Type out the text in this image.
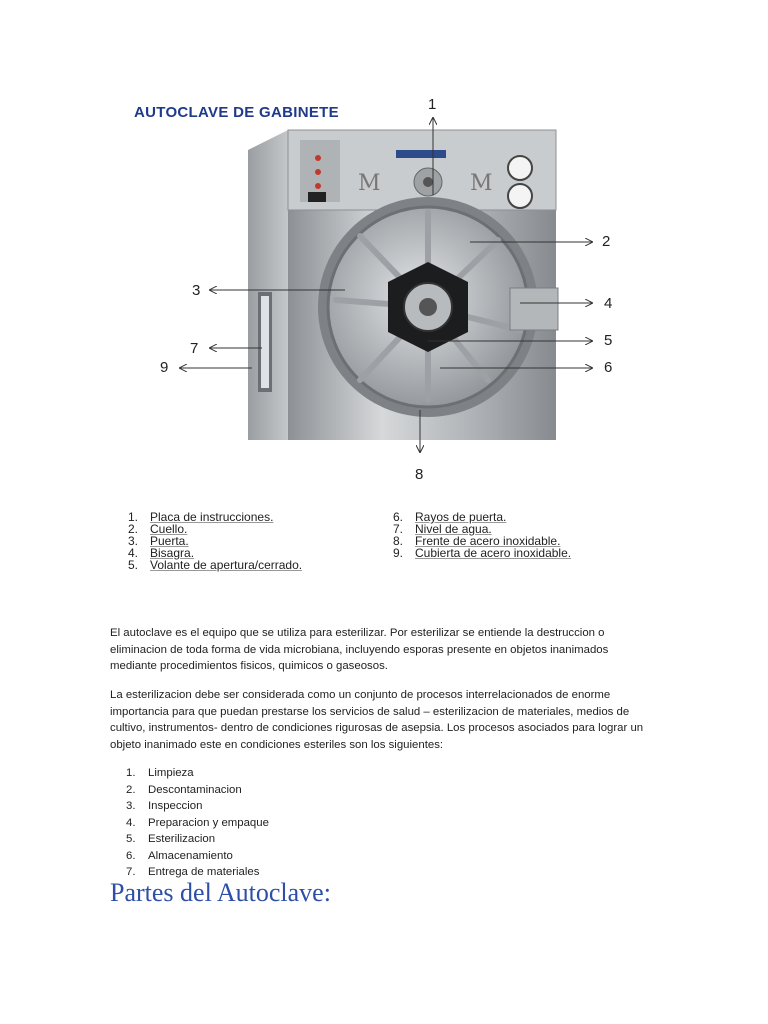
AUTOCLAVE DE GABINETE
M	M
1
2
3
4
5
6
7
9
8
1. Placa de instrucciones.
2. Cuello.
3. Puerta.
4. Bisagra.
5. Volante de apertura/cerrado.
6. Rayos de puerta.
7. Nivel de agua.
8. Frente de acero inoxidable.
9. Cubierta de acero inoxidable.

El autoclave es el equipo que se utiliza para esterilizar. Por esterilizar se entiende la destruccion o eliminacion de toda forma de vida microbiana, incluyendo esporas presente en objetos inanimados mediante procedimientos fisicos, quimicos o gaseosos.

La esterilizacion debe ser considerada como un conjunto de procesos interrelacionados de enorme importancia para que puedan prestarse los servicios de salud – esterilizacion de materiales, medios de cultivo, instrumentos- dentro de condiciones rigurosas de asepsia. Los procesos asociados para lograr un objeto inanimado este en condiciones esteriles son los siguientes:

1.	Limpieza
2.	Descontaminacion
3.	Inspeccion
4.	Preparacion y empaque
5.	Esterilizacion
6.	Almacenamiento
7.	Entrega de materiales
Partes del Autoclave:
